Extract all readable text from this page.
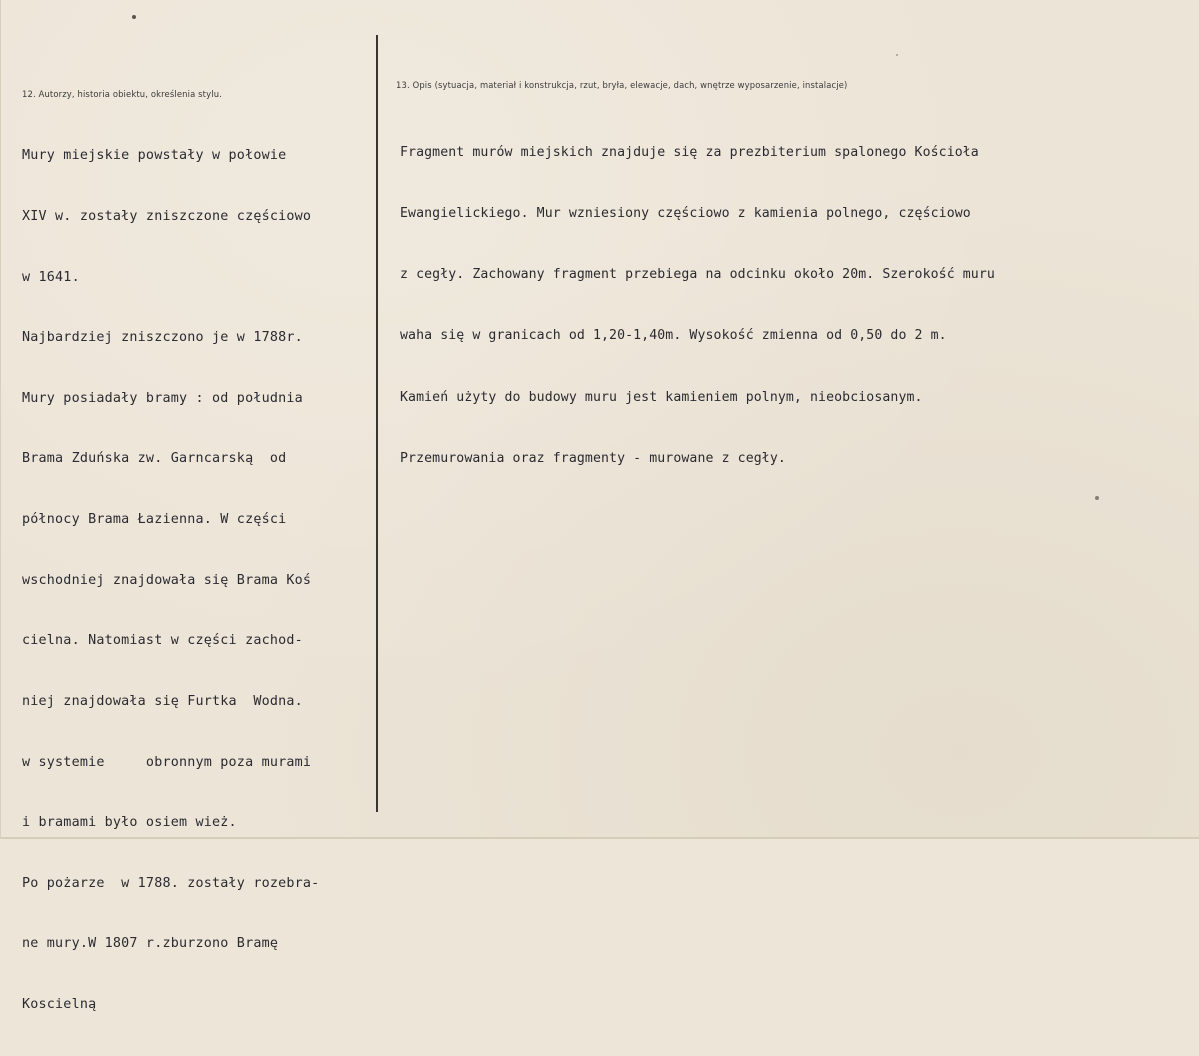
12. Autorzy, historia obiektu, określenia stylu.

Mury miejskie powstały w połowie

XIV w. zostały zniszczone częściowo

w 1641.

Najbardziej zniszczono je w 1788r.

Mury posiadały bramy : od południa

Brama Zduńska zw. Garncarską  od

północy Brama Łazienna. W części

wschodniej znajdowała się Brama Koś

cielna. Natomiast w części zachod-

niej znajdowała się Furtka  Wodna.

w systemie     obronnym poza murami

i bramami było osiem wież.

Po pożarze  w 1788. zostały rozebra-

ne mury.W 1807 r.zburzono Bramę

Koscielną

13. Opis (sytuacja, materiał i konstrukcja, rzut, bryła, elewacje, dach, wnętrze wyposarzenie, instalacje)

Fragment murów miejskich znajduje się za prezbiterium spalonego Kościoła

Ewangielickiego. Mur wzniesiony częściowo z kamienia polnego, częściowo

z cegły. Zachowany fragment przebiega na odcinku około 20m. Szerokość muru

waha się w granicach od 1,20-1,40m. Wysokość zmienna od 0,50 do 2 m.

Kamień użyty do budowy muru jest kamieniem polnym, nieobciosanym.

Przemurowania oraz fragmenty - murowane z cegły.
